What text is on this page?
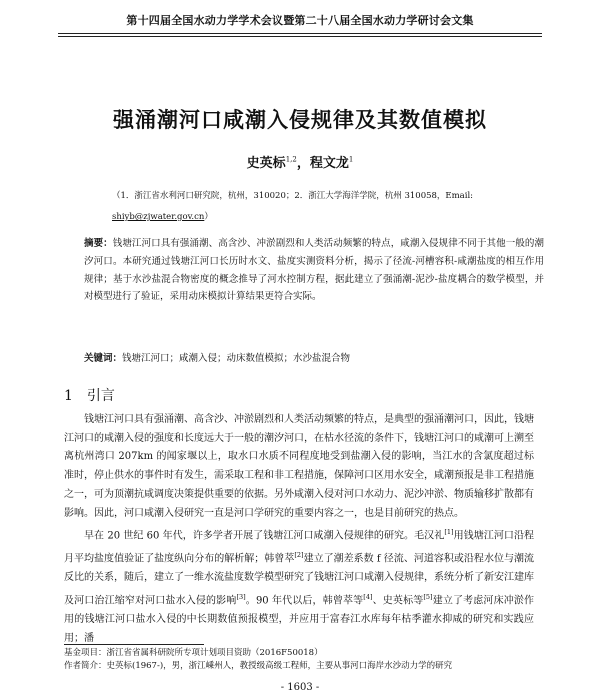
第十四届全国水动力学学术会议暨第二十八届全国水动力学研讨会文集
强涌潮河口咸潮入侵规律及其数值模拟
史英标$^{1,2}$，程文龙$^1$
（1．浙江省水利河口研究院，杭州，310020；2．浙江大学海洋学院，杭州 310058，Email:
shiyb@zjwater.gov.cn）
摘要：钱塘江河口具有强涌潮、高含沙、冲淤剧烈和人类活动频繁的特点，咸潮入侵规律不同于其他一般的潮汐河口。本研究通过钱塘江河口长历时水文、盐度实测资料分析，揭示了径流-河槽容积-咸潮盐度的相互作用规律；基于水沙盐混合物密度的概念推导了河水控制方程，据此建立了强涌潮-泥沙-盐度耦合的数学模型，并对模型进行了验证，采用动床模拟计算结果更符合实际。
关键词：钱塘江河口；咸潮入侵；动床数值模拟；水沙盐混合物
1 引言

钱塘江河口具有强涌潮、高含沙、冲淤剧烈和人类活动频繁的特点，是典型的强涌潮河口，因此，钱塘江河口的咸潮入侵的强度和长度远大于一般的潮汐河口，在枯水径流的条件下，钱塘江河口的咸潮可上溯至离杭州湾口 207km 的闻家堰以上，取水口水质不同程度地受到盐潮入侵的影响，当江水的含氯度超过标准时，停止供水的事件时有发生，需采取工程和非工程措施，保障河口区用水安全，咸潮预报是非工程措施之一，可为顶潮抗咸调度决策提供重要的依据。另外咸潮入侵对河口水动力、泥沙冲淤、物质输移扩散都有影响。因此，河口咸潮入侵研究一直是河口学研究的重要内容之一，也是目前研究的热点。

早在 20 世纪 60 年代，许多学者开展了钱塘江河口咸潮入侵规律的研究。毛汉礼[1]用钱塘江河口沿程月平均盐度值验证了盐度纵向分布的解析解；韩曾萃[2]建立了潮差系数 f 径流、河道容积或沿程水位与潮流反比的关系，随后，建立了一维水流盐度数学模型研究了钱塘江河口咸潮入侵规律，系统分析了新安江建库及河口治江缩窄对河口盐水入侵的影响[3]。90 年代以后，韩曾萃等[4]、史英标等[5]建立了考虑河床冲淤作用的钱塘江河口盐水入侵的中长期数值预报模型，并应用于富春江水库每年枯季灌水抑咸的研究和实践应用；潘

基金项目：浙江省省属科研院所专项计划项目资助（2016F50018）
作者简介：史英标(1967-)，男，浙江嵊州人，教授级高级工程师，主要从事河口海岸水沙动力学的研究
- 1603 -
